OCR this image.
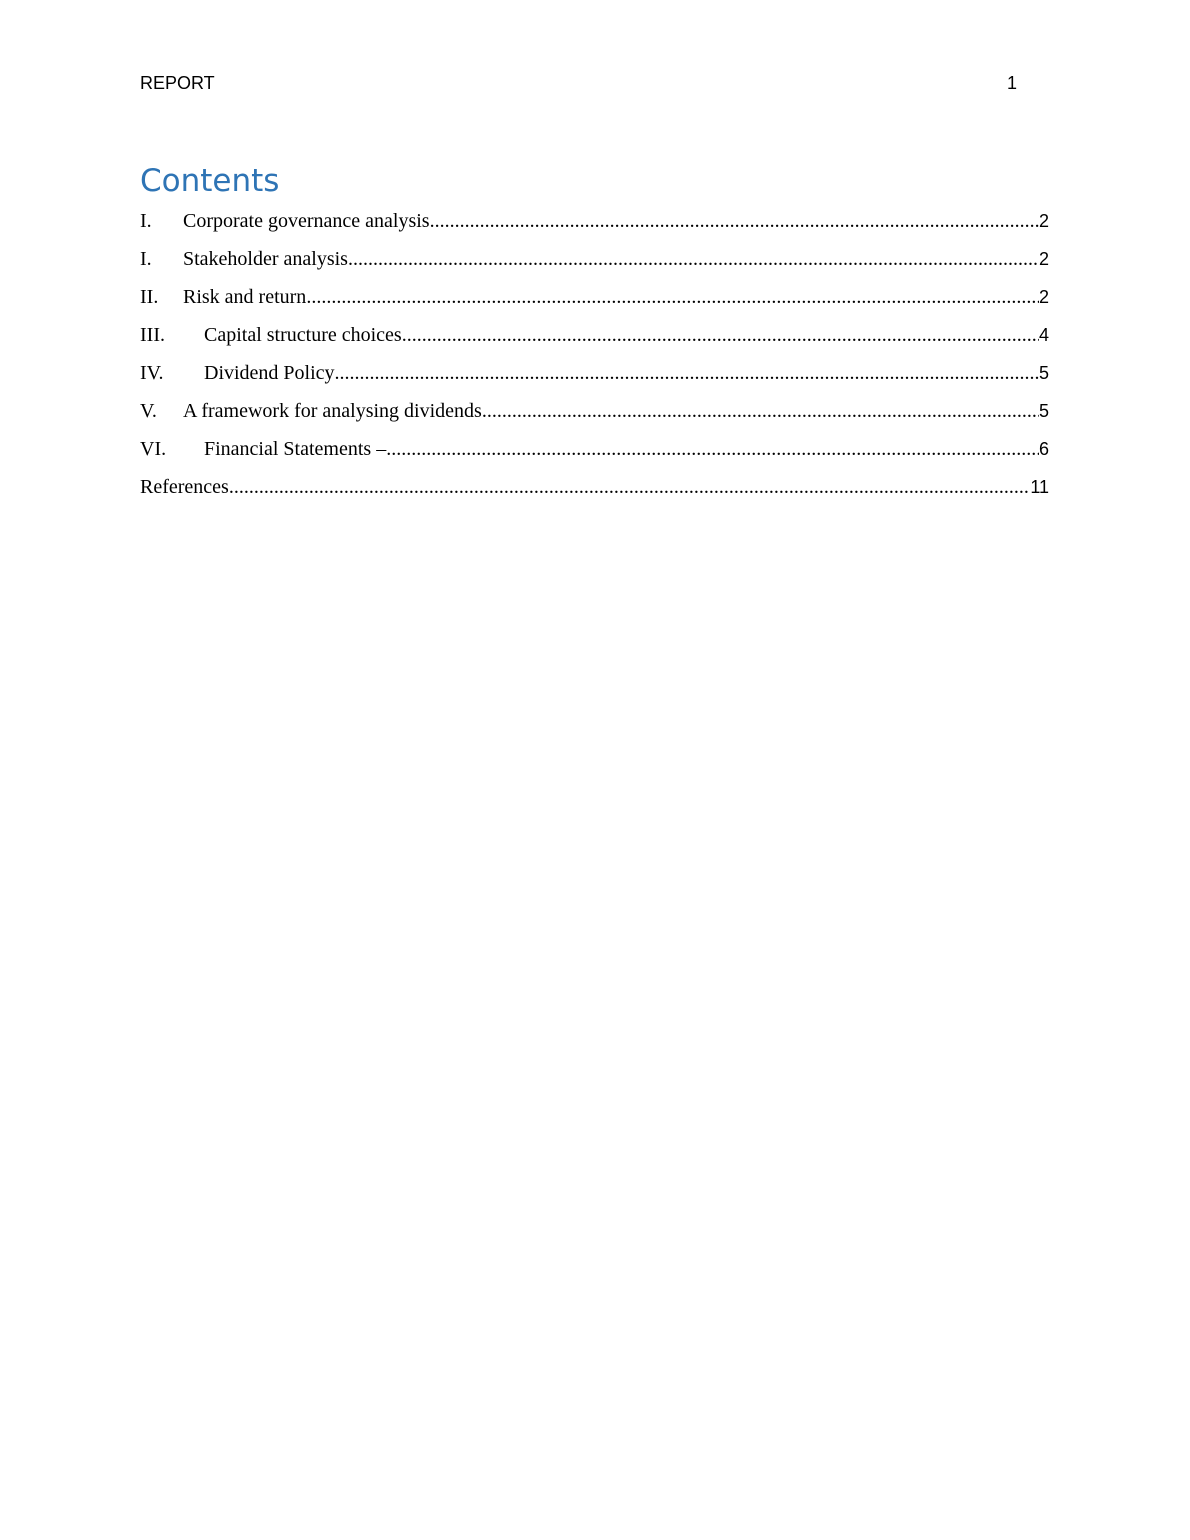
REPORT	1
Contents
I.	Corporate governance analysis .....	2
I.	Stakeholder analysis .....	2
II.	Risk and return .....	2
III.	Capital structure choices .....	4
IV.	Dividend Policy .....	5
V.	A framework for analysing dividends .....	5
VI.	Financial Statements – .....	6
References .....	11
